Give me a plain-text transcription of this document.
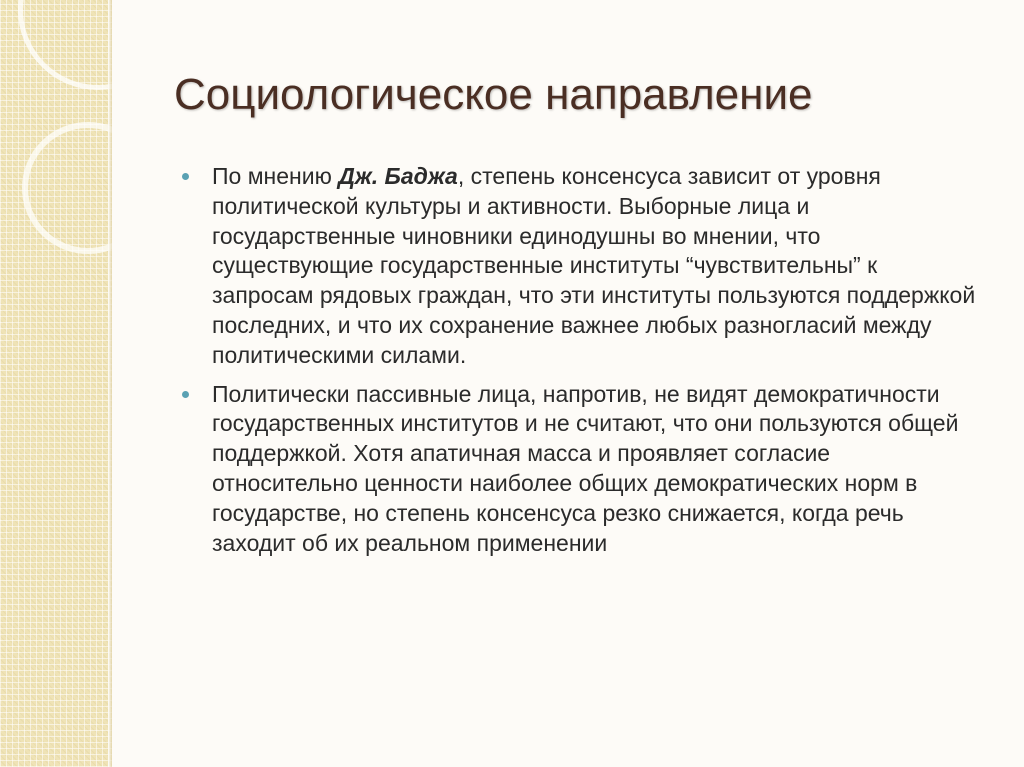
Социологическое направление
По мнению Дж. Баджа, степень консенсуса зависит от уровня политической культуры и активности. Выборные лица и государственные чиновники единодушны во мнении, что существующие государственные институты “чувствительны” к запросам рядовых граждан, что эти институты пользуются поддержкой последних, и что их сохранение важнее любых разногласий между политическими силами.
Политически пассивные лица, напротив, не видят демократичности государственных институтов и не считают, что они пользуются общей поддержкой. Хотя апатичная масса и проявляет согласие относительно ценности наиболее общих демократических норм в государстве, но степень консенсуса резко снижается, когда речь заходит об их реальном применении
